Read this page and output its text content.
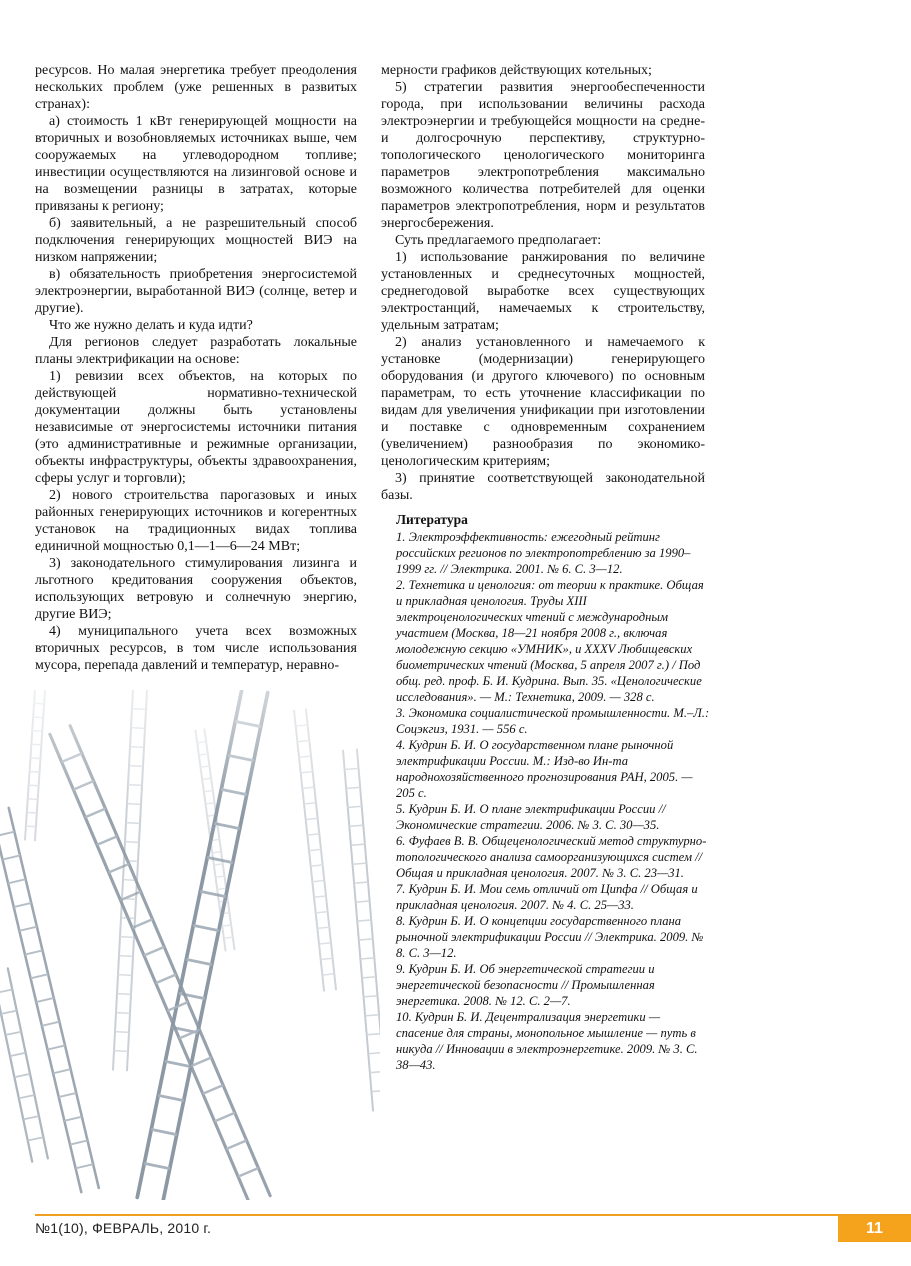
ресурсов. Но малая энергетика требует преодоления нескольких проблем (уже решенных в развитых странах):

а) стоимость 1 кВт генерирующей мощности на вторичных и возобновляемых источниках выше, чем сооружаемых на углеводородном топливе; инвестиции осуществляются на лизинговой основе и на возмещении разницы в затратах, которые привязаны к региону;

б) заявительный, а не разрешительный способ подключения генерирующих мощностей ВИЭ на низком напряжении;

в) обязательность приобретения энергосистемой электроэнергии, выработанной ВИЭ (солнце, ветер и другие).

Что же нужно делать и куда идти?

Для регионов следует разработать локальные планы электрификации на основе:

1) ревизии всех объектов, на которых по действующей нормативно-технической документации должны быть установлены независимые от энергосистемы источники питания (это административные и режимные организации, объекты инфраструктуры, объекты здравоохранения, сферы услуг и торговли);

2) нового строительства парогазовых и иных районных генерирующих источников и когерентных установок на традиционных видах топлива единичной мощностью 0,1—1—6—24 МВт;

3) законодательного стимулирования лизинга и льготного кредитования сооружения объектов, использующих ветровую и солнечную энергию, другие ВИЭ;

4) муниципального учета всех возможных вторичных ресурсов, в том числе использования мусора, перепада давлений и температур, неравно-

мерности графиков действующих котельных;

5) стратегии развития энергообеспеченности города, при использовании величины расхода электроэнергии и требующейся мощности на средне- и долгосрочную перспективу, структурно-топологического ценологического мониторинга параметров электропотребления максимально возможного количества потребителей для оценки параметров электропотребления, норм и результатов энергосбережения.

Суть предлагаемого предполагает:

1) использование ранжирования по величине установленных и среднесуточных мощностей, среднегодовой выработке всех существующих электростанций, намечаемых к строительству, удельным затратам;

2) анализ установленного и намечаемого к установке (модернизации) генерирующего оборудования (и другого ключевого) по основным параметрам, то есть уточнение классификации по видам для увеличения унификации при изготовлении и поставке с одновременным сохранением (увеличением) разнообразия по экономико-ценологическим критериям;

3) принятие соответствующей законодательной базы.

Литература

1. Электроэффективность: ежегодный рейтинг российских регионов по электропотреблению за 1990–1999 гг. // Электрика. 2001. № 6. С. 3—12.

2. Технетика и ценология: от теории к практике. Общая и прикладная ценология. Труды XIII электроценологических чтений с международным участием (Москва, 18—21 ноября 2008 г., включая молодежную секцию «УМНИК», и XXXV Любищевских биометрических чтений (Москва, 5 апреля 2007 г.) / Под общ. ред. проф. Б. И. Кудрина. Вып. 35. «Ценологические исследования». — М.: Технетика, 2009. — 328 с.

3. Экономика социалистической промышленности. М.–Л.: Соцэкгиз, 1931. — 556 с.

4. Кудрин Б. И. О государственном плане рыночной электрификации России. М.: Изд-во Ин-та народнохозяйственного прогнозирования РАН, 2005. — 205 с.

5. Кудрин Б. И. О плане электрификации России // Экономические стратегии. 2006. № 3. С. 30—35.

6. Фуфаев В. В. Общеценологический метод структурно-топологического анализа самоорганизующихся систем // Общая и прикладная ценология. 2007. № 3. С. 23—31.

7. Кудрин Б. И. Мои семь отличий от Ципфа // Общая и прикладная ценология. 2007. № 4. С. 25—33.

8. Кудрин Б. И. О концепции государственного плана рыночной электрификации России // Электрика. 2009. № 8. С. 3—12.

9. Кудрин Б. И. Об энергетической стратегии и энергетической безопасности // Промышленная энергетика. 2008. № 12. С. 2—7.

10. Кудрин Б. И. Децентрализация энергетики — спасение для страны, монопольное мышление — путь в никуда // Инновации в электроэнергетике. 2009. № 3. С. 38—43.

№1(10), ФЕВРАЛЬ, 2010 г.	11
